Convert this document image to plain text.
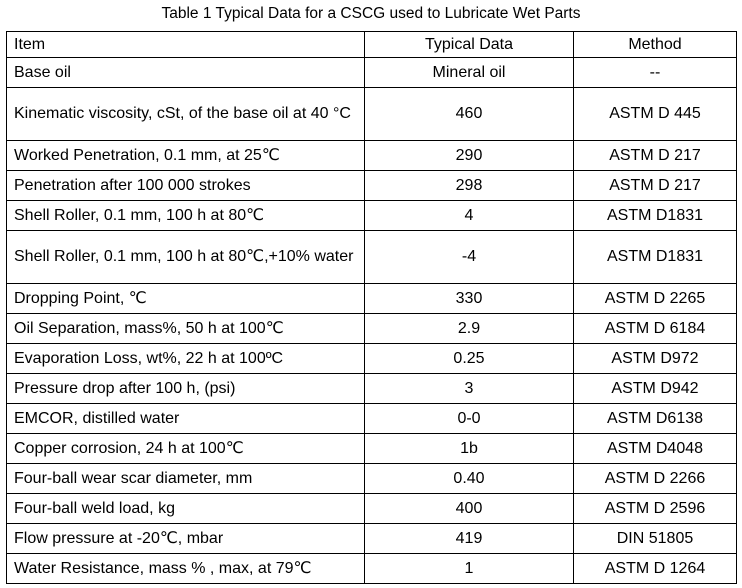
Table 1 Typical Data for a CSCG used to Lubricate Wet Parts
Item	Typical Data	Method
Base oil	Mineral oil	--
Kinematic viscosity, cSt, of the base oil at 40 °C	460	ASTM D 445
Worked Penetration, 0.1 mm, at 25℃	290	ASTM D 217
Penetration after 100 000 strokes	298	ASTM D 217
Shell Roller, 0.1 mm, 100 h at 80℃	4	ASTM D1831
Shell Roller, 0.1 mm, 100 h at 80℃,+10% water	-4	ASTM D1831
Dropping Point, ℃	330	ASTM D 2265
Oil Separation, mass%, 50 h at 100℃	2.9	ASTM D 6184
Evaporation Loss, wt%, 22 h at 100ºC	0.25	ASTM D972
Pressure drop after 100 h, (psi)	3	ASTM D942
EMCOR, distilled water	0-0	ASTM D6138
Copper corrosion, 24 h at 100℃	1b	ASTM D4048
Four-ball wear scar diameter, mm	0.40	ASTM D 2266
Four-ball weld load, kg	400	ASTM D 2596
Flow pressure at -20℃, mbar	419	DIN 51805
Water Resistance, mass % , max, at 79℃	1	ASTM D 1264
